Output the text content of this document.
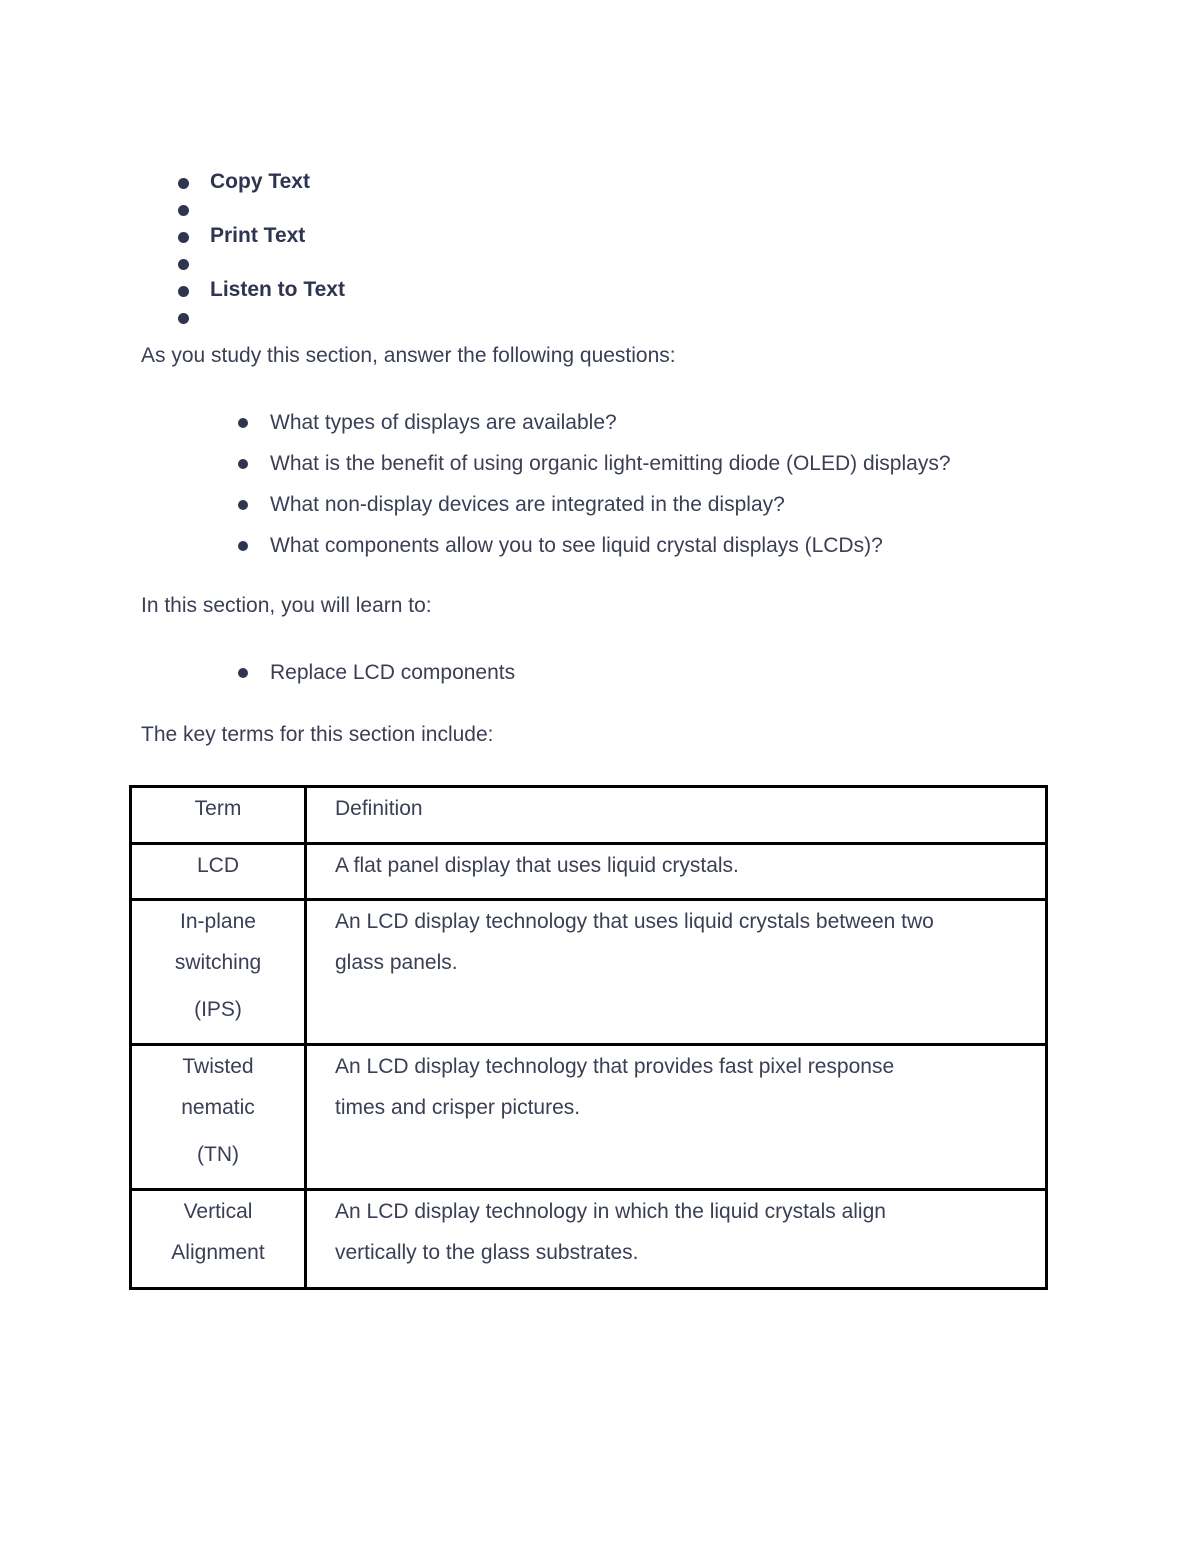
Copy Text
Print Text
Listen to Text

As you study this section, answer the following questions:

What types of displays are available?
What is the benefit of using organic light-emitting diode (OLED) displays?
What non-display devices are integrated in the display?
What components allow you to see liquid crystal displays (LCDs)?

In this section, you will learn to:

Replace LCD components

The key terms for this section include:

Term	Definition

LCD	A flat panel display that uses liquid crystals.

In-plane
switching
(IPS)	An LCD display technology that uses liquid crystals between two
glass panels.

Twisted
nematic
(TN)	An LCD display technology that provides fast pixel response
times and crisper pictures.

Vertical
Alignment	An LCD display technology in which the liquid crystals align
vertically to the glass substrates.
